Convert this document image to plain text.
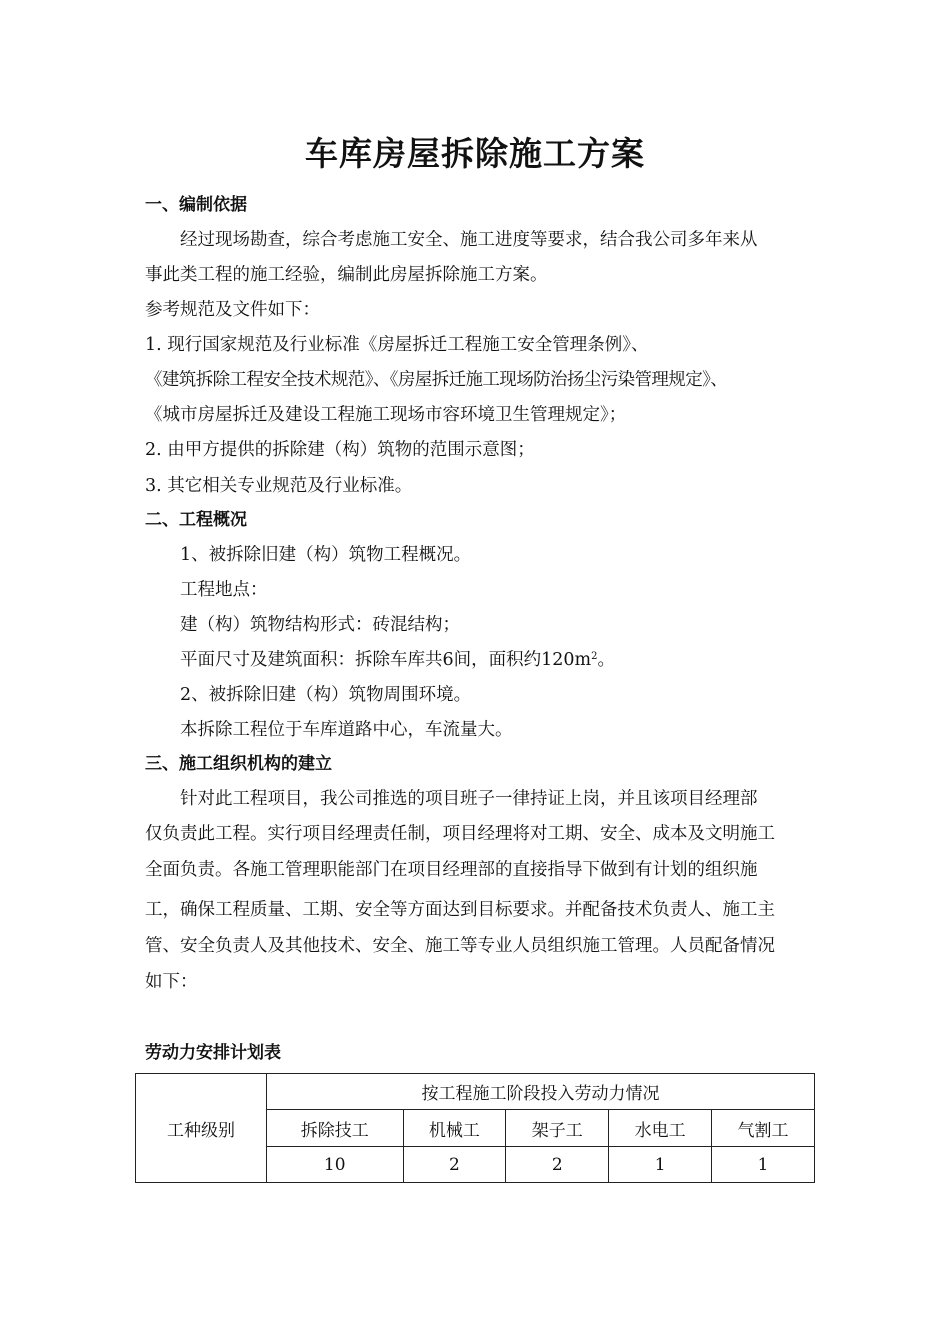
车库房屋拆除施工方案
一、编制依据
经过现场勘查，综合考虑施工安全、施工进度等要求，结合我公司多年来从
事此类工程的施工经验，编制此房屋拆除施工方案。
参考规范及文件如下：
1. 现行国家规范及行业标准《房屋拆迁工程施工安全管理条例》、
《建筑拆除工程安全技术规范》、《房屋拆迁施工现场防治扬尘污染管理规定》、
《城市房屋拆迁及建设工程施工现场市容环境卫生管理规定》；
2. 由甲方提供的拆除建（构）筑物的范围示意图；
3. 其它相关专业规范及行业标准。
二、工程概况
1、被拆除旧建（构）筑物工程概况。
工程地点：
建（构）筑物结构形式：砖混结构；
平面尺寸及建筑面积：拆除车库共6间，面积约$120m^2$。
2、被拆除旧建（构）筑物周围环境。
本拆除工程位于车库道路中心，车流量大。
三、施工组织机构的建立
针对此工程项目，我公司推选的项目班子一律持证上岗，并且该项目经理部
仅负责此工程。实行项目经理责任制，项目经理将对工期、安全、成本及文明施工
全面负责。各施工管理职能部门在项目经理部的直接指导下做到有计划的组织施
工，确保工程质量、工期、安全等方面达到目标要求。并配备技术负责人、施工主
管、安全负责人及其他技术、安全、施工等专业人员组织施工管理。人员配备情况
如下：
劳动力安排计划表
工种级别	按工程施工阶段投入劳动力情况				
	拆除技工	机械工	架子工	水电工	气割工
	10	2	2	1	1
